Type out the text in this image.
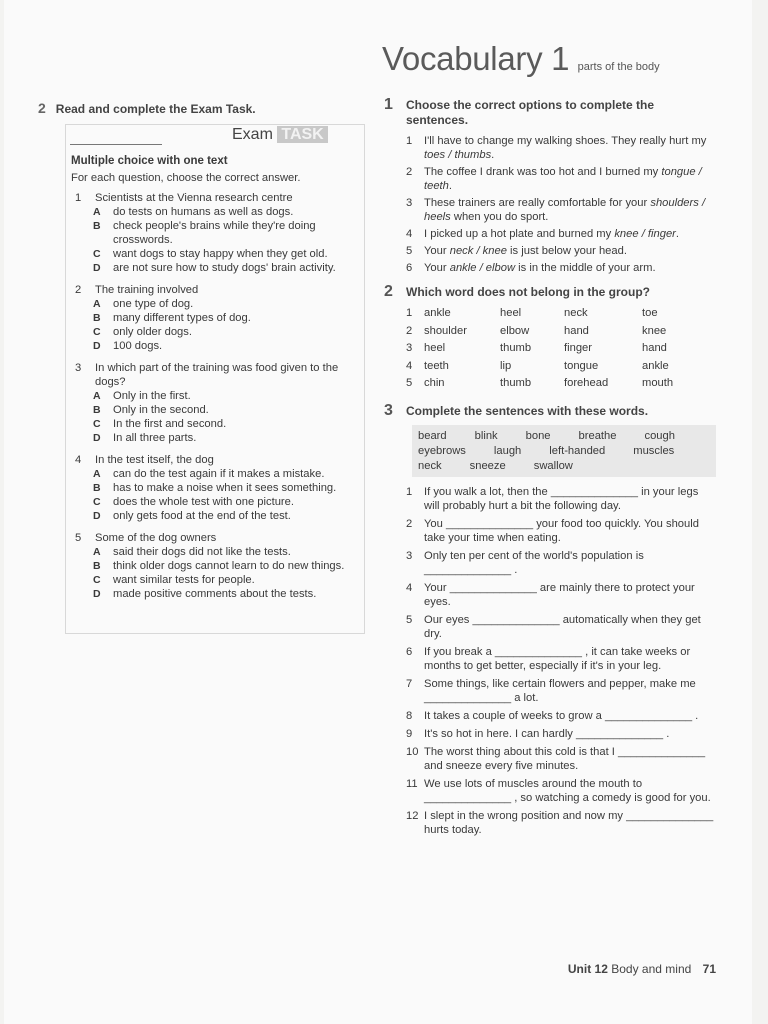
Vocabulary 1 parts of the body
2 Read and complete the Exam Task.
Exam TASK
Multiple choice with one text
For each question, choose the correct answer.
1	Scientists at the Vienna research centre
A	do tests on humans as well as dogs.
B	check people's brains while they're doing crosswords.
C	want dogs to stay happy when they get old.
D	are not sure how to study dogs' brain activity.
2	The training involved
A	one type of dog.
B	many different types of dog.
C	only older dogs.
D	100 dogs.
3	In which part of the training was food given to the dogs?
A	Only in the first.
B	Only in the second.
C	In the first and second.
D	In all three parts.
4	In the test itself, the dog
A	can do the test again if it makes a mistake.
B	has to make a noise when it sees something.
C	does the whole test with one picture.
D	only gets food at the end of the test.
5	Some of the dog owners
A	said their dogs did not like the tests.
B	think older dogs cannot learn to do new things.
C	want similar tests for people.
D	made positive comments about the tests.
1	Choose the correct options to complete the sentences.
1	I'll have to change my walking shoes. They really hurt my toes / thumbs.
2	The coffee I drank was too hot and I burned my tongue / teeth.
3	These trainers are really comfortable for your shoulders / heels when you do sport.
4	I picked up a hot plate and burned my knee / finger.
5	Your neck / knee is just below your head.
6	Your ankle / elbow is in the middle of your arm.
2	Which word does not belong in the group?
1	ankle	heel	neck	toe
2	shoulder	elbow	hand	knee
3	heel	thumb	finger	hand
4	teeth	lip	tongue	ankle
5	chin	thumb	forehead	mouth
3	Complete the sentences with these words.
beard	blink	bone	breathe	cough
eyebrows	laugh	left-handed	muscles
neck	sneeze	swallow
1	If you walk a lot, then the ______________ in your legs will probably hurt a bit the following day.
2	You ______________ your food too quickly. You should take your time when eating.
3	Only ten per cent of the world's population is ______________ .
4	Your ______________ are mainly there to protect your eyes.
5	Our eyes ______________ automatically when they get dry.
6	If you break a ______________ , it can take weeks or months to get better, especially if it's in your leg.
7	Some things, like certain flowers and pepper, make me ______________ a lot.
8	It takes a couple of weeks to grow a ______________ .
9	It's so hot in here. I can hardly ______________ .
10 The worst thing about this cold is that I ______________ and sneeze every five minutes.
11 We use lots of muscles around the mouth to ______________ , so watching a comedy is good for you.
12 I slept in the wrong position and now my ______________ hurts today.
Unit 12 Body and mind 71
